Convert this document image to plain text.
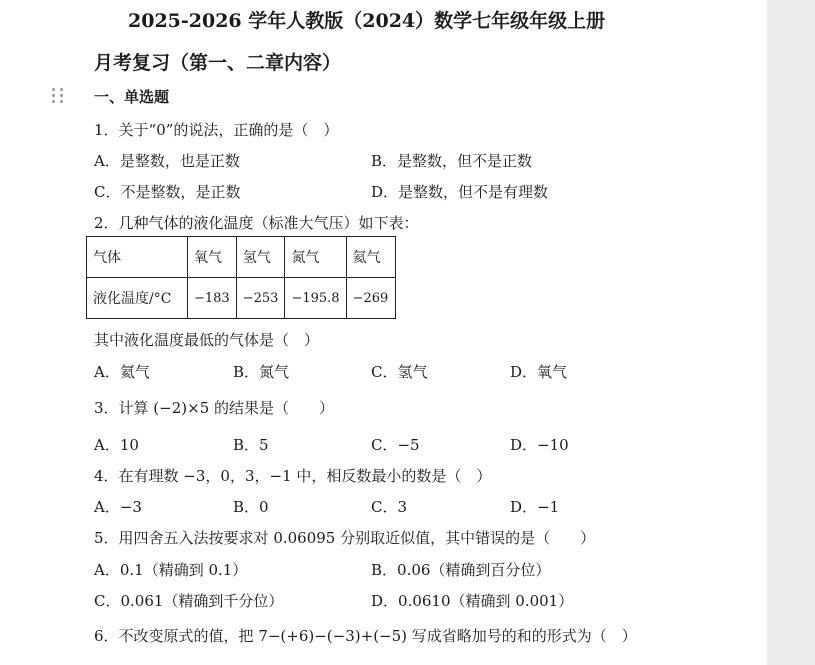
2025-2026 学年人教版（2024）数学七年级年级上册
月考复习（第一、二章内容）
一、单选题
1．关于“0”的说法，正确的是（　）
A．是整数，也是正数	B．是整数，但不是正数
C．不是整数，是正数	D．是整数，但不是有理数
2．几种气体的液化温度（标准大气压）如下表：
气体	氧气	氢气	氮气	氦气
液化温度/°C	−183	−253	−195.8	−269
其中液化温度最低的气体是（　）
A．氦气	B．氮气	C．氢气	D．氧气
3．计算 (−2)×5 的结果是（　　）
A．10	B．5	C．−5	D．−10
4．在有理数 −3，0，3，−1 中，相反数最小的数是（　）
A．−3	B．0	C．3	D．−1
5．用四舍五入法按要求对 0.06095 分别取近似值，其中错误的是（　　）
A．0.1（精确到 0.1）	B．0.06（精确到百分位）
C．0.061（精确到千分位）	D．0.0610（精确到 0.001）
6．不改变原式的值，把 7−(+6)−(−3)+(−5) 写成省略加号的和的形式为（　）
